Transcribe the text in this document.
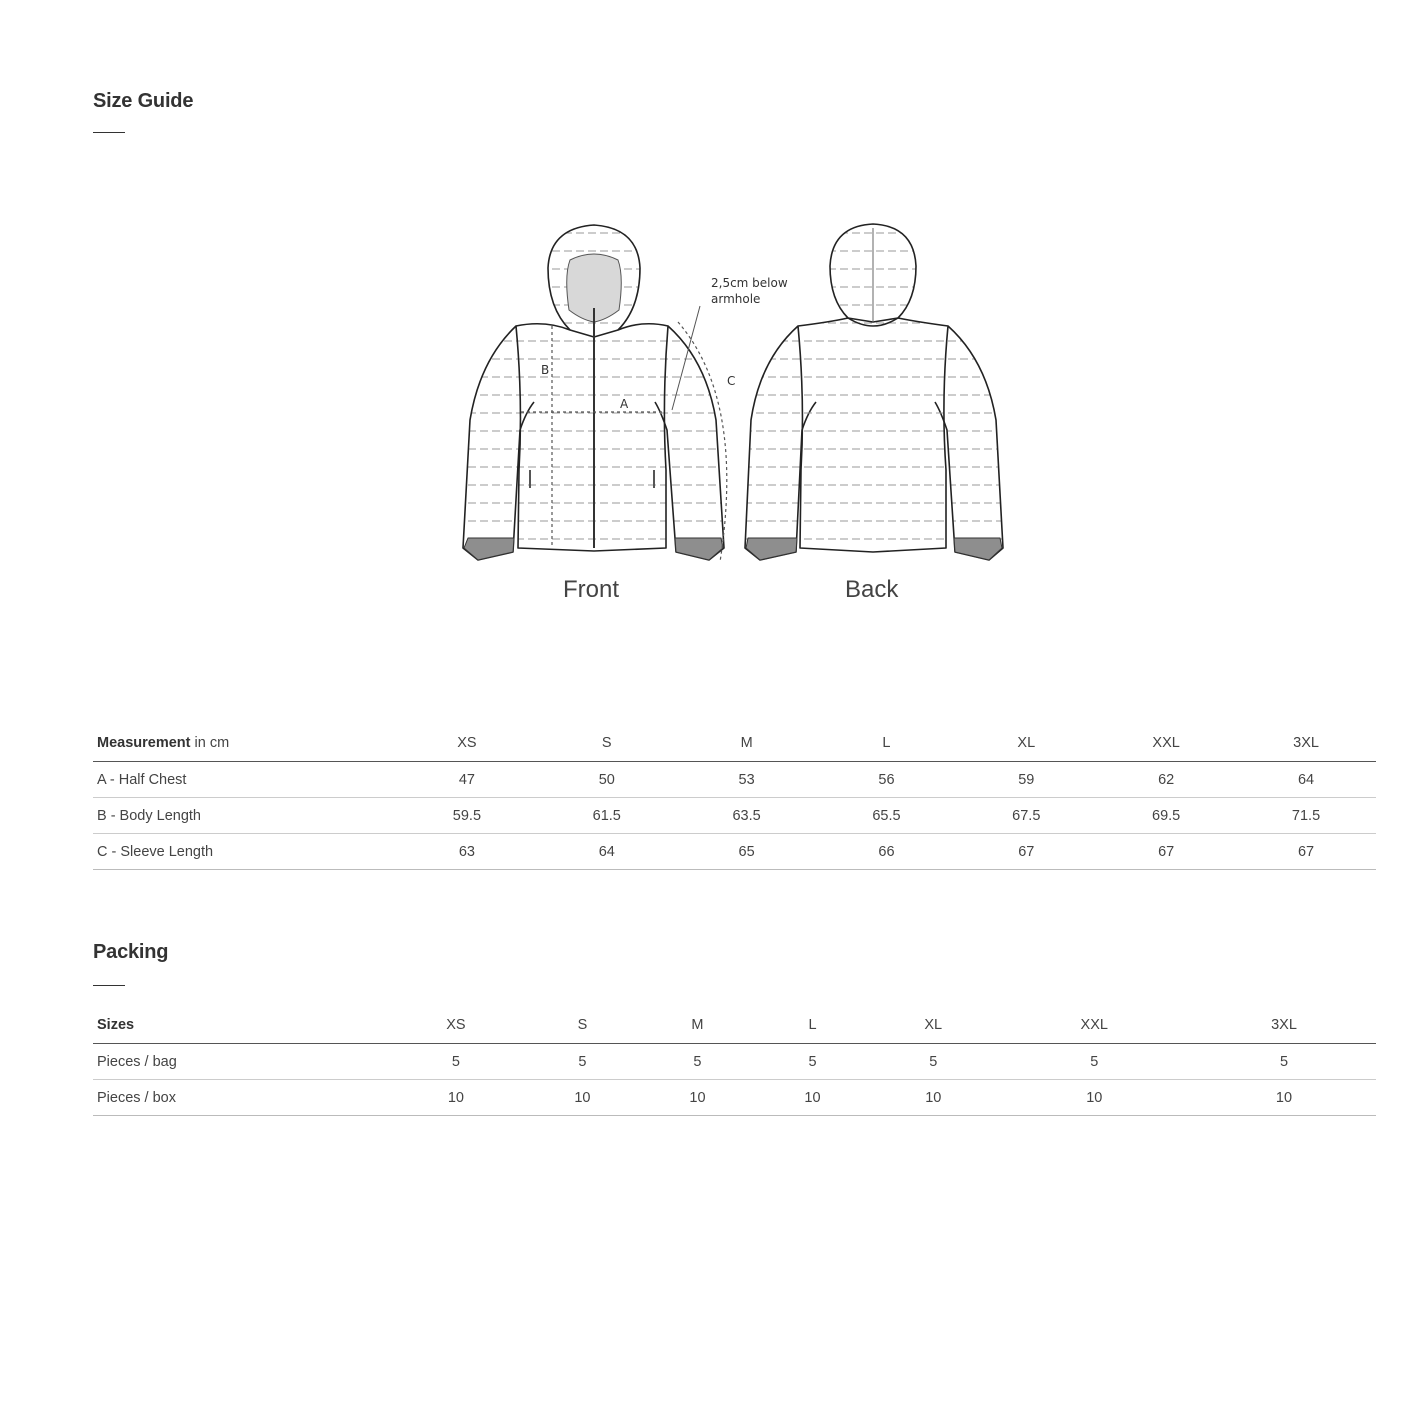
Size Guide
B
A
C
2,5cm below
armhole
Front	Back
Measurement in cm	XS	S	M	L	XL	XXL	3XL
A - Half Chest	47	50	53	56	59	62	64
B - Body Length	59.5	61.5	63.5	65.5	67.5	69.5	71.5
C - Sleeve Length	63	64	65	66	67	67	67
Packing
Sizes	XS	S	M	L	XL	XXL	3XL
Pieces / bag	5	5	5	5	5	5	5
Pieces / box	10	10	10	10	10	10	10
